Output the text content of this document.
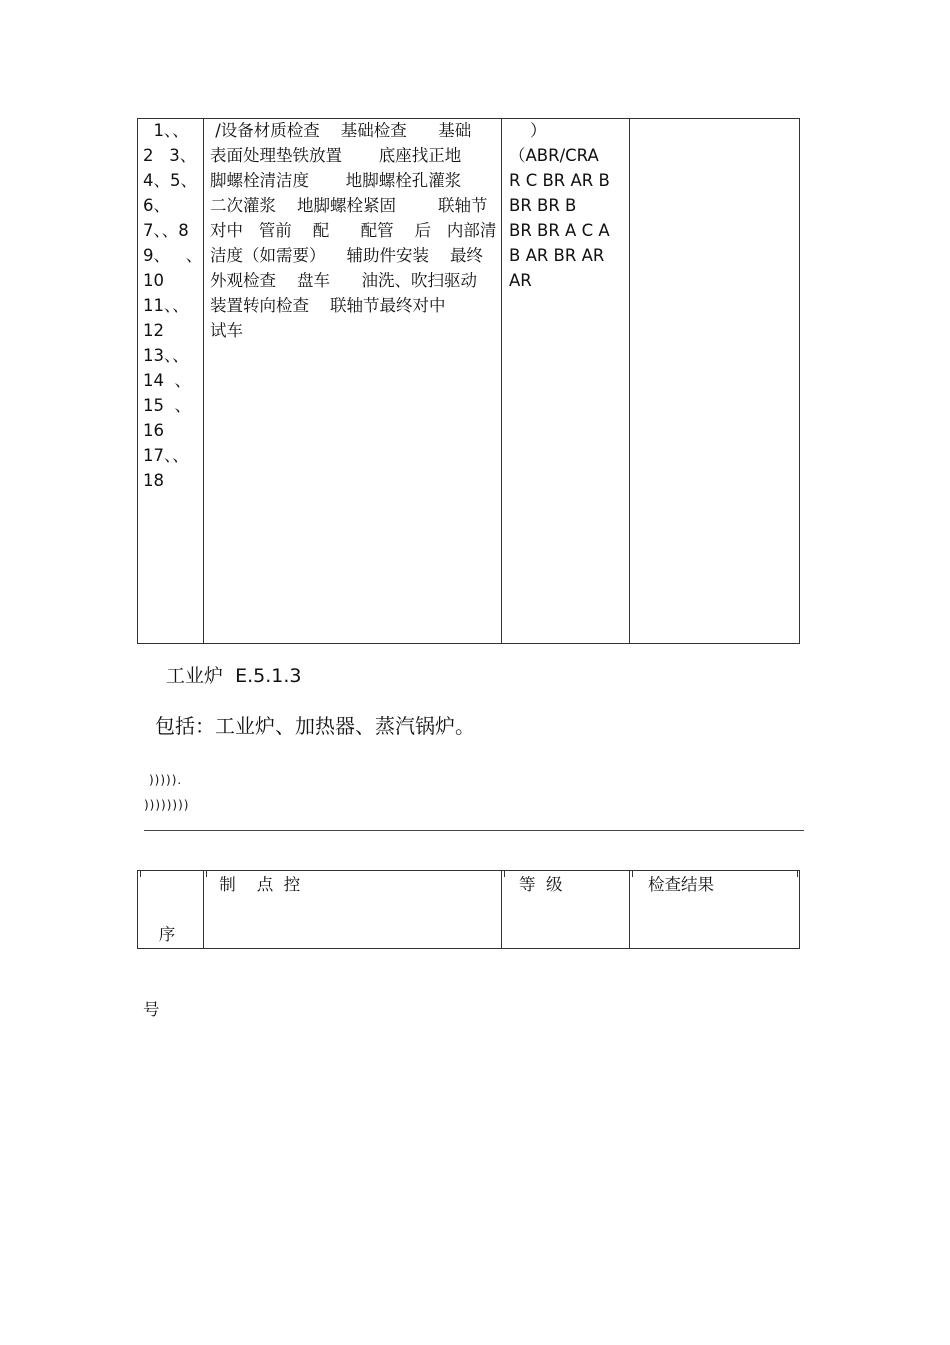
1、、
2   3、
4、5、
6、
7、、8
9、   、
10
11、、
12
13、、
14  、
15  、
16
17、、
18
/设备材质检查    基础检查      基础
表面处理垫铁放置       底座找正地
脚螺栓清洁度       地脚螺栓孔灌浆
二次灌浆    地脚螺栓紧固        联轴节
对中   管前    配      配管    后   内部清
洁度（如需要）    辅助件安装    最终
外观检查    盘车      油洗、吹扫驱动
装置转向检查    联轴节最终对中
试车
）
（ABR/CRA
R C BR AR B
BR BR B
BR BR A C A
B AR BR AR
AR
工业炉  E.5.1.3
包括：工业炉、加热器、蒸汽锅炉。
))))).
))))))))

序

号

制    点  控	等  级	检查结果
